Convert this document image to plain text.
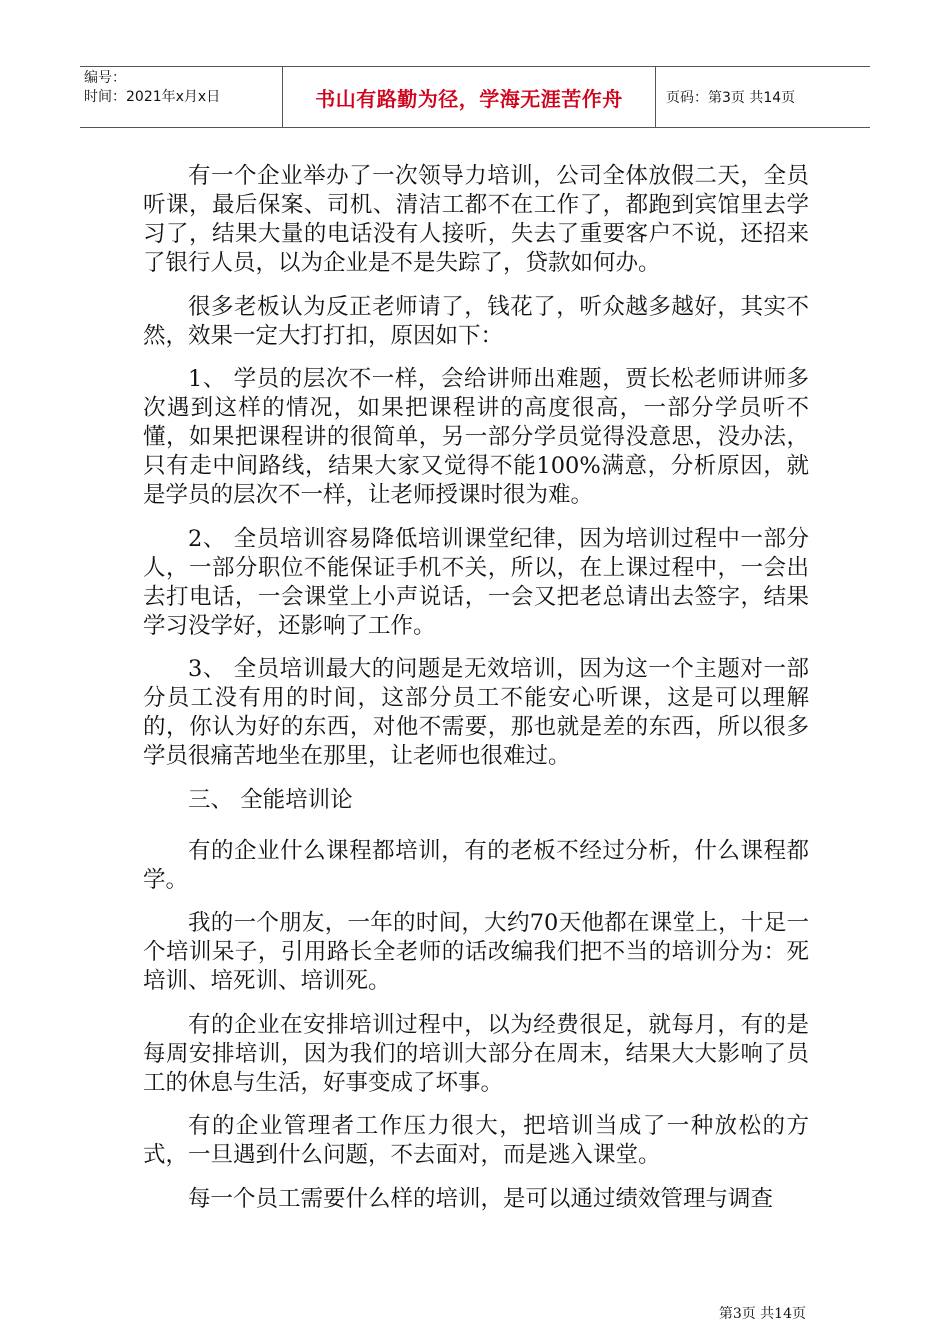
编号：
时间：2021年x月x日	书山有路勤为径，学海无涯苦作舟	页码：第3页 共14页

有一个企业举办了一次领导力培训，公司全体放假二天，全员听课，最后保案、司机、清洁工都不在工作了，都跑到宾馆里去学习了，结果大量的电话没有人接听，失去了重要客户不说，还招来了银行人员，以为企业是不是失踪了，贷款如何办。

很多老板认为反正老师请了，钱花了，听众越多越好，其实不然，效果一定大打打扣，原因如下：

1、 学员的层次不一样，会给讲师出难题，贾长松老师讲师多次遇到这样的情况，如果把课程讲的高度很高，一部分学员听不懂，如果把课程讲的很简单，另一部分学员觉得没意思，没办法，只有走中间路线，结果大家又觉得不能100%满意，分析原因，就是学员的层次不一样，让老师授课时很为难。

2、 全员培训容易降低培训课堂纪律，因为培训过程中一部分人，一部分职位不能保证手机不关，所以，在上课过程中，一会出去打电话，一会课堂上小声说话，一会又把老总请出去签字，结果学习没学好，还影响了工作。

3、 全员培训最大的问题是无效培训，因为这一个主题对一部分员工没有用的时间，这部分员工不能安心听课，这是可以理解的，你认为好的东西，对他不需要，那也就是差的东西，所以很多学员很痛苦地坐在那里，让老师也很难过。

三、 全能培训论

有的企业什么课程都培训，有的老板不经过分析，什么课程都学。

我的一个朋友，一年的时间，大约70天他都在课堂上，十足一个培训呆子，引用路长全老师的话改编我们把不当的培训分为：死培训、培死训、培训死。

有的企业在安排培训过程中，以为经费很足，就每月，有的是每周安排培训，因为我们的培训大部分在周末，结果大大影响了员工的休息与生活，好事变成了坏事。

有的企业管理者工作压力很大，把培训当成了一种放松的方式，一旦遇到什么问题，不去面对，而是逃入课堂。

每一个员工需要什么样的培训，是可以通过绩效管理与调查

第3页 共14页
